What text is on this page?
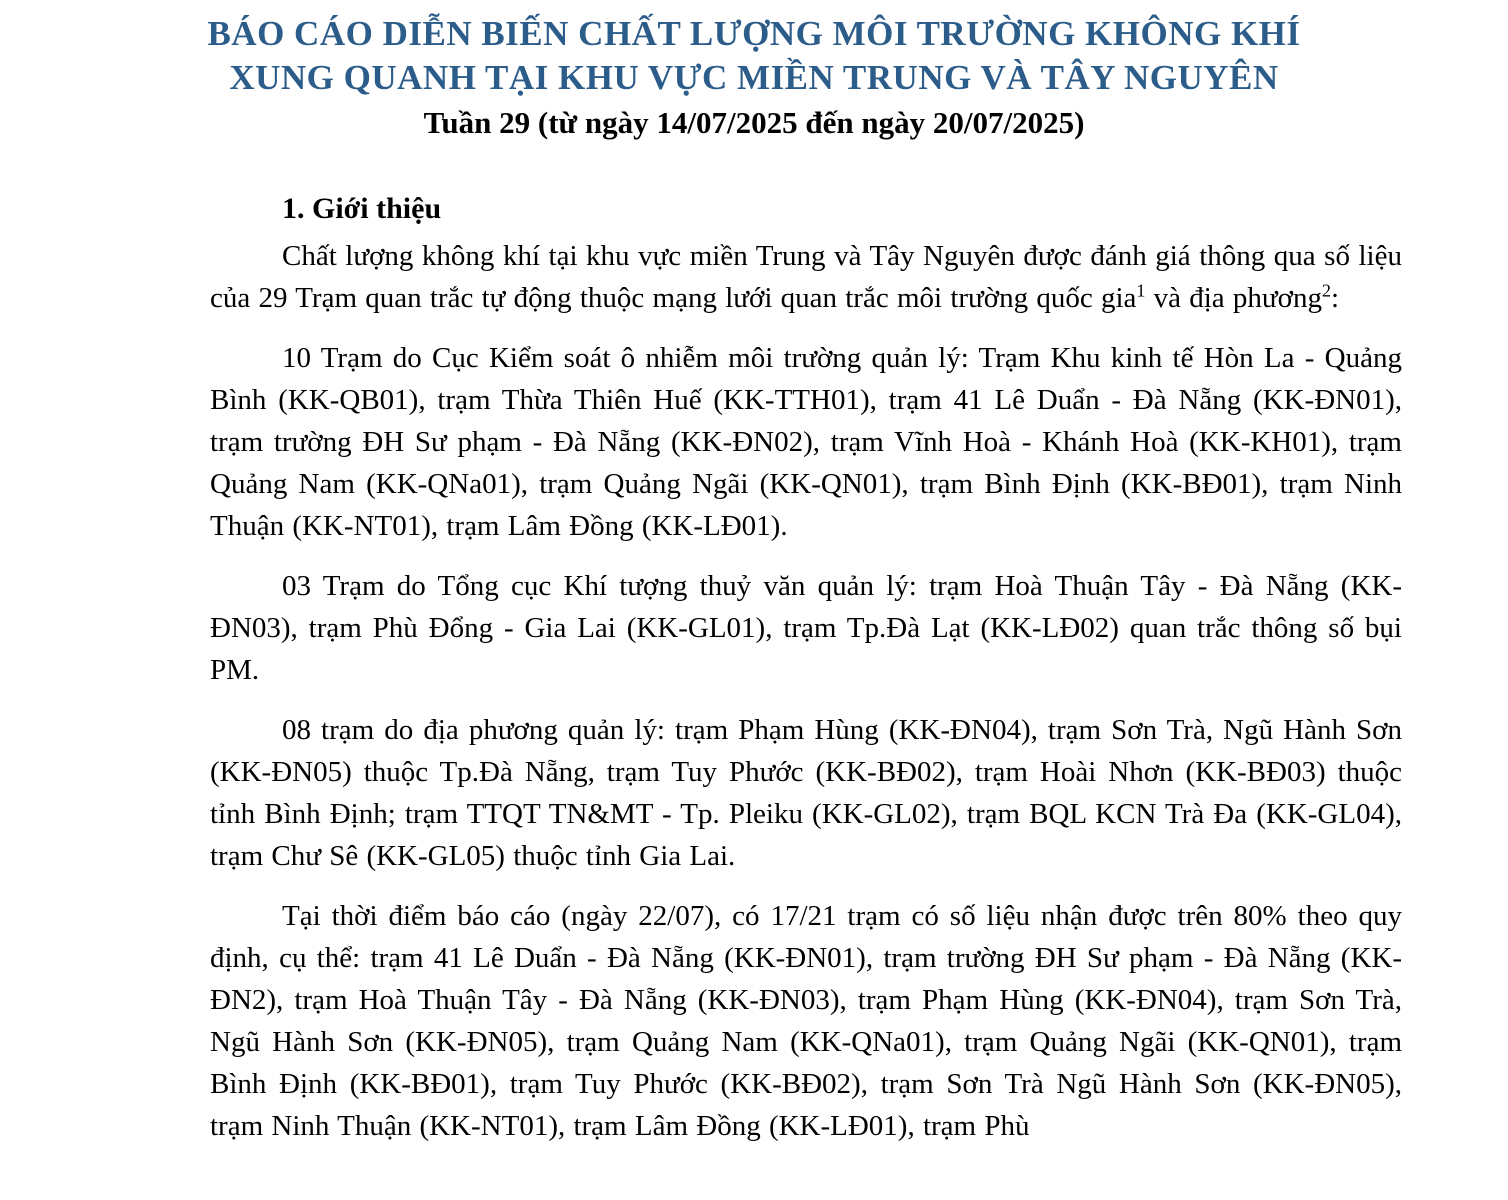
BÁO CÁO DIỄN BIẾN CHẤT LƯỢNG MÔI TRƯỜNG KHÔNG KHÍ
XUNG QUANH TẠI KHU VỰC MIỀN TRUNG VÀ TÂY NGUYÊN
Tuần 29 (từ ngày 14/07/2025 đến ngày 20/07/2025)
1. Giới thiệu

Chất lượng không khí tại khu vực miền Trung và Tây Nguyên được đánh giá thông qua số liệu của 29 Trạm quan trắc tự động thuộc mạng lưới quan trắc môi trường quốc gia$^1$ và địa phương$^2$:

10 Trạm do Cục Kiểm soát ô nhiễm môi trường quản lý: Trạm Khu kinh tế Hòn La - Quảng Bình (KK-QB01), trạm Thừa Thiên Huế (KK-TTH01), trạm 41 Lê Duẩn - Đà Nẵng (KK-ĐN01), trạm trường ĐH Sư phạm - Đà Nẵng (KK-ĐN02), trạm Vĩnh Hoà - Khánh Hoà (KK-KH01), trạm Quảng Nam (KK-QNa01), trạm Quảng Ngãi (KK-QN01), trạm Bình Định (KK-BĐ01), trạm Ninh Thuận (KK-NT01), trạm Lâm Đồng (KK-LĐ01).

03 Trạm do Tổng cục Khí tượng thuỷ văn quản lý: trạm Hoà Thuận Tây - Đà Nẵng (KK-ĐN03), trạm Phù Đổng - Gia Lai (KK-GL01), trạm Tp.Đà Lạt (KK-LĐ02) quan trắc thông số bụi PM.

08 trạm do địa phương quản lý: trạm Phạm Hùng (KK-ĐN04), trạm Sơn Trà, Ngũ Hành Sơn (KK-ĐN05) thuộc Tp.Đà Nẵng, trạm Tuy Phước (KK-BĐ02), trạm Hoài Nhơn (KK-BĐ03) thuộc tỉnh Bình Định; trạm TTQT TN&MT - Tp. Pleiku (KK-GL02), trạm BQL KCN Trà Đa (KK-GL04), trạm Chư Sê (KK-GL05) thuộc tỉnh Gia Lai.

Tại thời điểm báo cáo (ngày 22/07), có 17/21 trạm có số liệu nhận được trên 80% theo quy định, cụ thể: trạm 41 Lê Duẩn - Đà Nẵng (KK-ĐN01), trạm trường ĐH Sư phạm - Đà Nẵng (KK-ĐN2), trạm Hoà Thuận Tây - Đà Nẵng (KK-ĐN03), trạm Phạm Hùng (KK-ĐN04), trạm Sơn Trà, Ngũ Hành Sơn (KK-ĐN05), trạm Quảng Nam (KK-QNa01), trạm Quảng Ngãi (KK-QN01), trạm Bình Định (KK-BĐ01), trạm Tuy Phước (KK-BĐ02), trạm Sơn Trà Ngũ Hành Sơn (KK-ĐN05), trạm Ninh Thuận (KK-NT01), trạm Lâm Đồng (KK-LĐ01), trạm Phù
